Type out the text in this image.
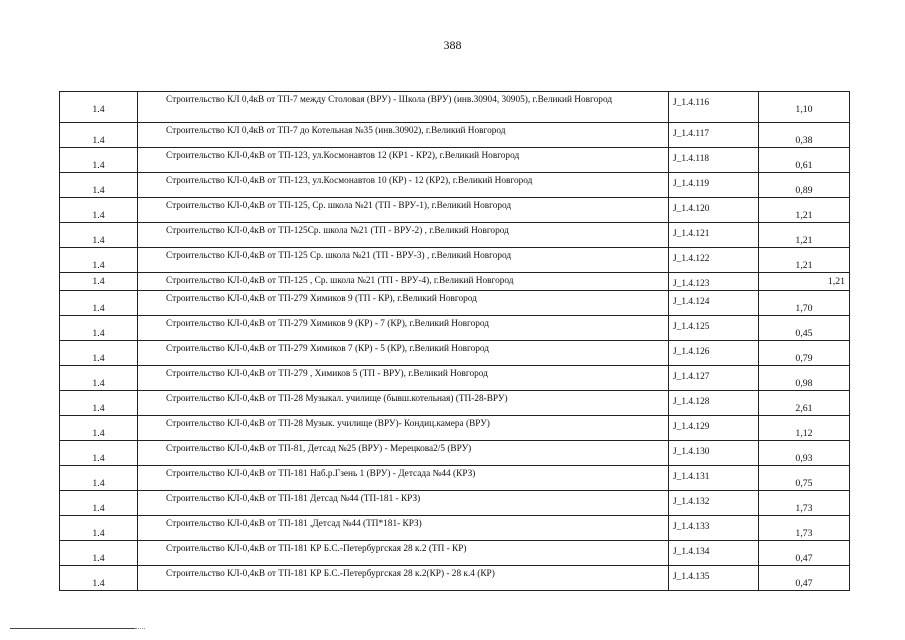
388
1.4	Строительство КЛ 0,4кВ от ТП-7 между Столовая (ВРУ) - Школа (ВРУ) (инв.30904, 30905), г.Великий Новгород	J_1.4.116	1,10
1.4	Строительство КЛ 0,4кВ от ТП-7 до Котельная №35 (инв.30902), г.Великий Новгород	J_1.4.117	0,38
1.4	Строительство КЛ-0,4кВ от ТП-123, ул.Космонавтов 12 (КР1 - КР2), г.Великий Новгород	J_1.4.118	0,61
1.4	Строительство КЛ-0,4кВ от ТП-123, ул.Космонавтов 10 (КР) - 12 (КР2), г.Великий Новгород	J_1.4.119	0,89
1.4	Строительство КЛ-0,4кВ от ТП-125, Ср. школа №21 (ТП - ВРУ-1), г.Великий Новгород	J_1.4.120	1,21
1.4	Строительство КЛ-0,4кВ от ТП-125Ср. школа №21 (ТП - ВРУ-2) , г.Великий Новгород	J_1.4.121	1,21
1.4	Строительство КЛ-0,4кВ от ТП-125 Ср. школа №21 (ТП - ВРУ-3) , г.Великий Новгород	J_1.4.122	1,21
1.4	Строительство КЛ-0,4кВ от ТП-125 , Ср. школа №21 (ТП - ВРУ-4), г.Великий Новгород	J_1.4.123	1,21
1.4	Строительство КЛ-0,4кВ от ТП-279 Химиков 9 (ТП - КР), г.Великий Новгород	J_1.4.124	1,70
1.4	Строительство КЛ-0,4кВ от ТП-279 Химиков 9 (КР) - 7 (КР), г.Великий Новгород	J_1.4.125	0,45
1.4	Строительство КЛ-0,4кВ от ТП-279 Химиков 7 (КР) - 5 (КР), г.Великий Новгород	J_1.4.126	0,79
1.4	Строительство КЛ-0,4кВ от ТП-279 , Химиков 5 (ТП - ВРУ), г.Великий Новгород	J_1.4.127	0,98
1.4	Строительство КЛ-0,4кВ от ТП-28 Музыкал. училище (бывш.котельная) (ТП-28-ВРУ)	J_1.4.128	2,61
1.4	Строительство КЛ-0,4кВ от ТП-28 Музык. училище (ВРУ)- Кондиц.камера (ВРУ)	J_1.4.129	1,12
1.4	Строительство КЛ-0,4кВ от ТП-81, Детсад №25 (ВРУ) - Мерецкова2/5 (ВРУ)	J_1.4.130	0,93
1.4	Строительство КЛ-0,4кВ от ТП-181 Наб.р.Гзень 1 (ВРУ) - Детсада №44 (КРЗ)	J_1.4.131	0,75
1.4	Строительство КЛ-0,4кВ от ТП-181 Детсад №44 (ТП-181 - КРЗ)	J_1.4.132	1,73
1.4	Строительство КЛ-0,4кВ от ТП-181 ,Детсад №44 (ТП*181- КРЗ)	J_1.4.133	1,73
1.4	Строительство КЛ-0,4кВ от ТП-181 КР Б.С.-Петербургская 28 к.2 (ТП - КР)	J_1.4.134	0,47
1.4	Строительство КЛ-0,4кВ от ТП-181 КР Б.С.-Петербургская 28 к.2(КР) - 28 к.4 (КР)	J_1.4.135	0,47
